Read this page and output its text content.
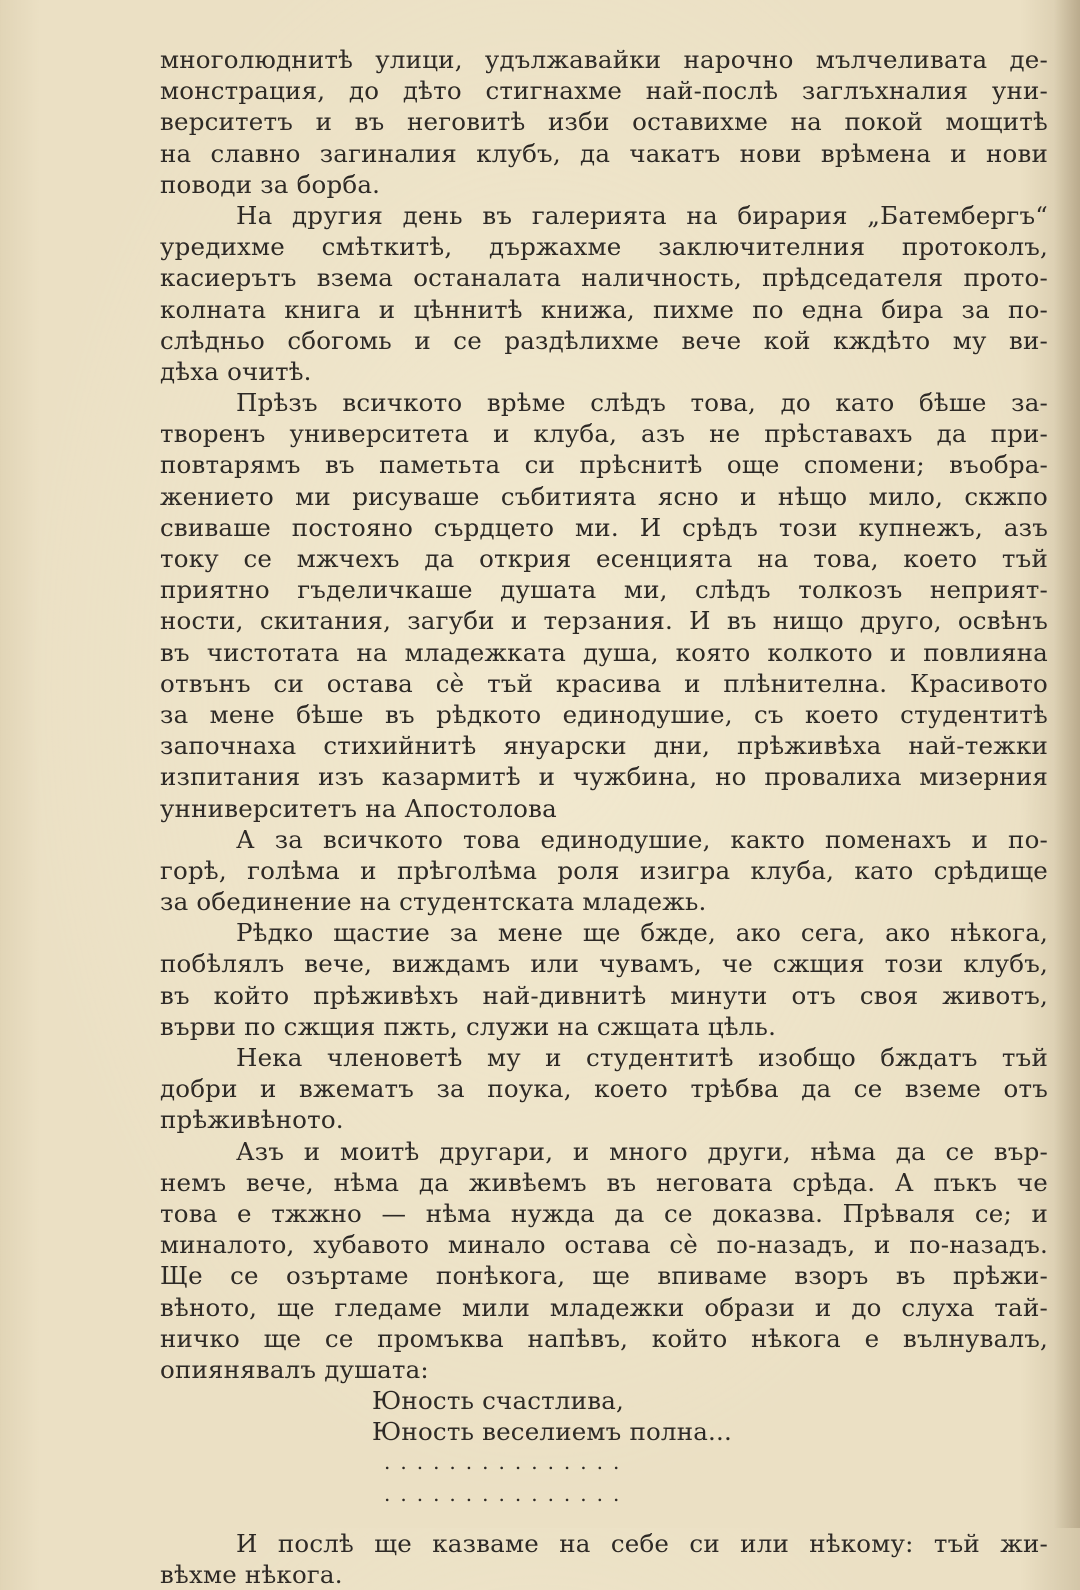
многолюднитѣ улици, удължавайки нарочно мълчеливата де-
монстрация, до дѣто стигнахме най-послѣ заглъхналия уни-
верситетъ и въ неговитѣ изби оставихме на покой мощитѣ
на славно загиналия клубъ, да чакатъ нови врѣмена и нови
поводи за борба.
На другия день въ галерията на бирария „Батембергъ“
уредихме смѣткитѣ, държахме заключителния протоколъ,
касиерътъ взема останалата наличность, прѣдседателя прото-
колната книга и цѣннитѣ книжа, пихме по една бира за по-
слѣдньо сбогомь и се раздѣлихме вече кой кждѣто му ви-
дѣха очитѣ.
Прѣзъ всичкото врѣме слѣдъ това, до като бѣше за-
творенъ университета и клуба, азъ не прѣставахъ да при-
повтарямъ въ паметьта си прѣснитѣ още спомени; въобра-
жението ми рисуваше събитията ясно и нѣщо мило, скжпо
свиваше постояно сърдцето ми. И срѣдъ този купнежъ, азъ
току се мжчехъ да открия есенцията на това, което тъй
приятно гъделичкаше душата ми, слѣдъ толкозъ неприят-
ности, скитания, загуби и терзания. И въ нищо друго, освѣнъ
въ чистотата на младежката душа, която колкото и повлияна
отвънъ си остава сѐ тъй красива и плѣнителна. Красивото
за мене бѣше въ рѣдкото единодушие, съ което студентитѣ
започнаха стихийнитѣ януарски дни, прѣживѣха най-тежки
изпитания изъ казармитѣ и чужбина, но провалиха мизерния
унниверситетъ на Апостолова
А за всичкото това единодушие, както поменахъ и по-
горѣ, голѣма и прѣголѣма роля изигра клуба, като срѣдище
за обединение на студентската младежь.
Рѣдко щастие за мене ще бжде, ако сега, ако нѣкога,
побѣлялъ вече, виждамъ или чувамъ, че сжщия този клубъ,
въ който прѣживѣхъ най-дивнитѣ минути отъ своя животъ,
върви по сжщия пжть, служи на сжщата цѣль.
Нека членоветѣ му и студентитѣ изобщо бждатъ тъй
добри и вжематъ за поука, което трѣбва да се вземе отъ
прѣживѣното.
Азъ и моитѣ другари, и много други, нѣма да се вър-
немъ вече, нѣма да живѣемъ въ неговата срѣда. А пъкъ че
това е тжжно — нѣма нужда да се доказва. Прѣваля се; и
миналото, хубавото минало остава сѐ по-назадъ, и по-назадъ.
Ще се озъртаме понѣкога, ще впиваме взоръ въ прѣжи-
вѣното, ще гледаме мили младежки образи и до слуха тай-
ничко ще се промъква напѣвъ, който нѣкога е вълнувалъ,
опиянявалъ душата:
Юность счастлива,
Юность веселиемъ полна...
...............
...............
И послѣ ще казваме на себе си или нѣкому: тъй жи-
вѣхме нѣкога.
